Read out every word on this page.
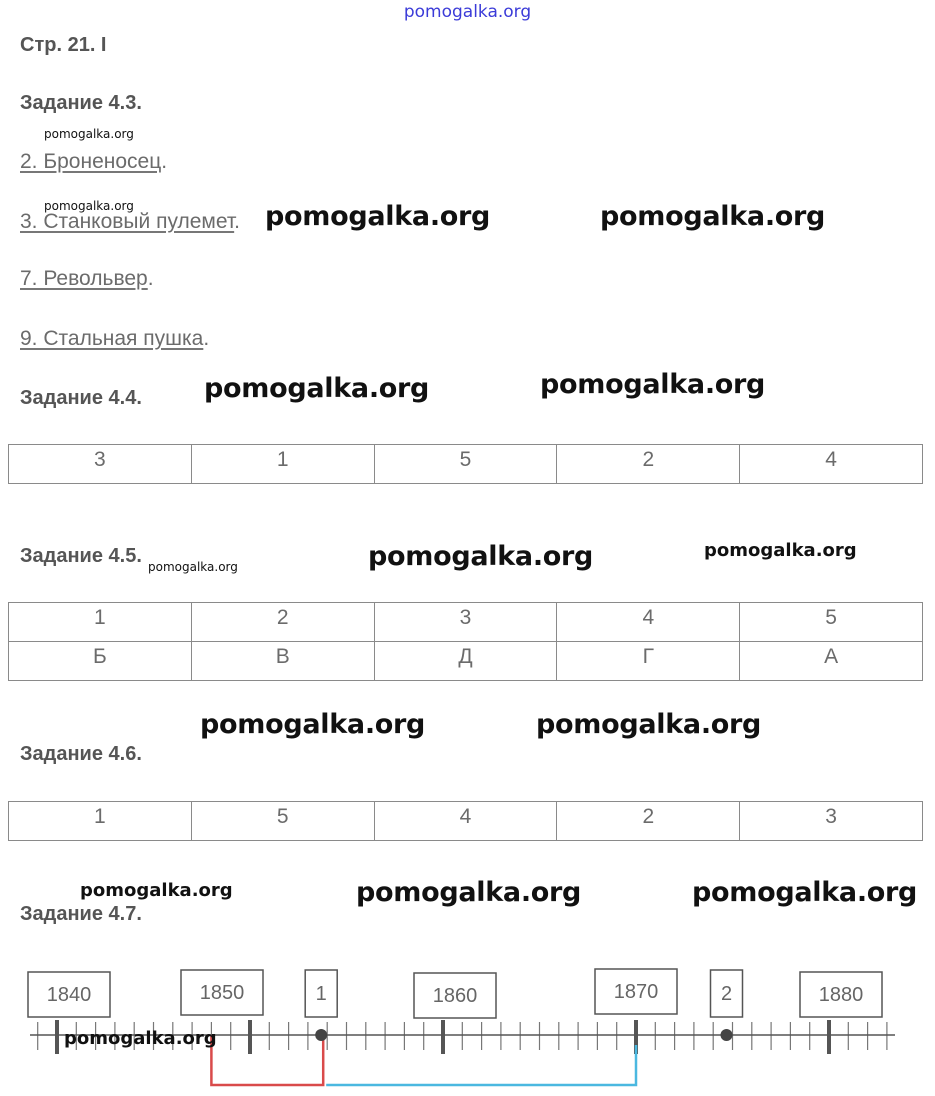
pomogalka.org
Стр. 21. I
Задание 4.3.
pomogalka.org
2. Броненосец.
pomogalka.org
3. Станковый пулемет. pomogalka.org	pomogalka.org
7. Револьвер.
9. Стальная пушка.
Задание 4.4. pomogalka.org	pomogalka.org
3	1	5	2	4
Задание 4.5. pomogalka.org	pomogalka.org	pomogalka.org
1	2	3	4	5
Б	В	Д	Г	А
pomogalka.org	pomogalka.org
Задание 4.6.
1	5	4	2	3
pomogalka.org	pomogalka.org	pomogalka.org
Задание 4.7.
1840	1850	1860	1870	1880
1	2
pomogalka.org
